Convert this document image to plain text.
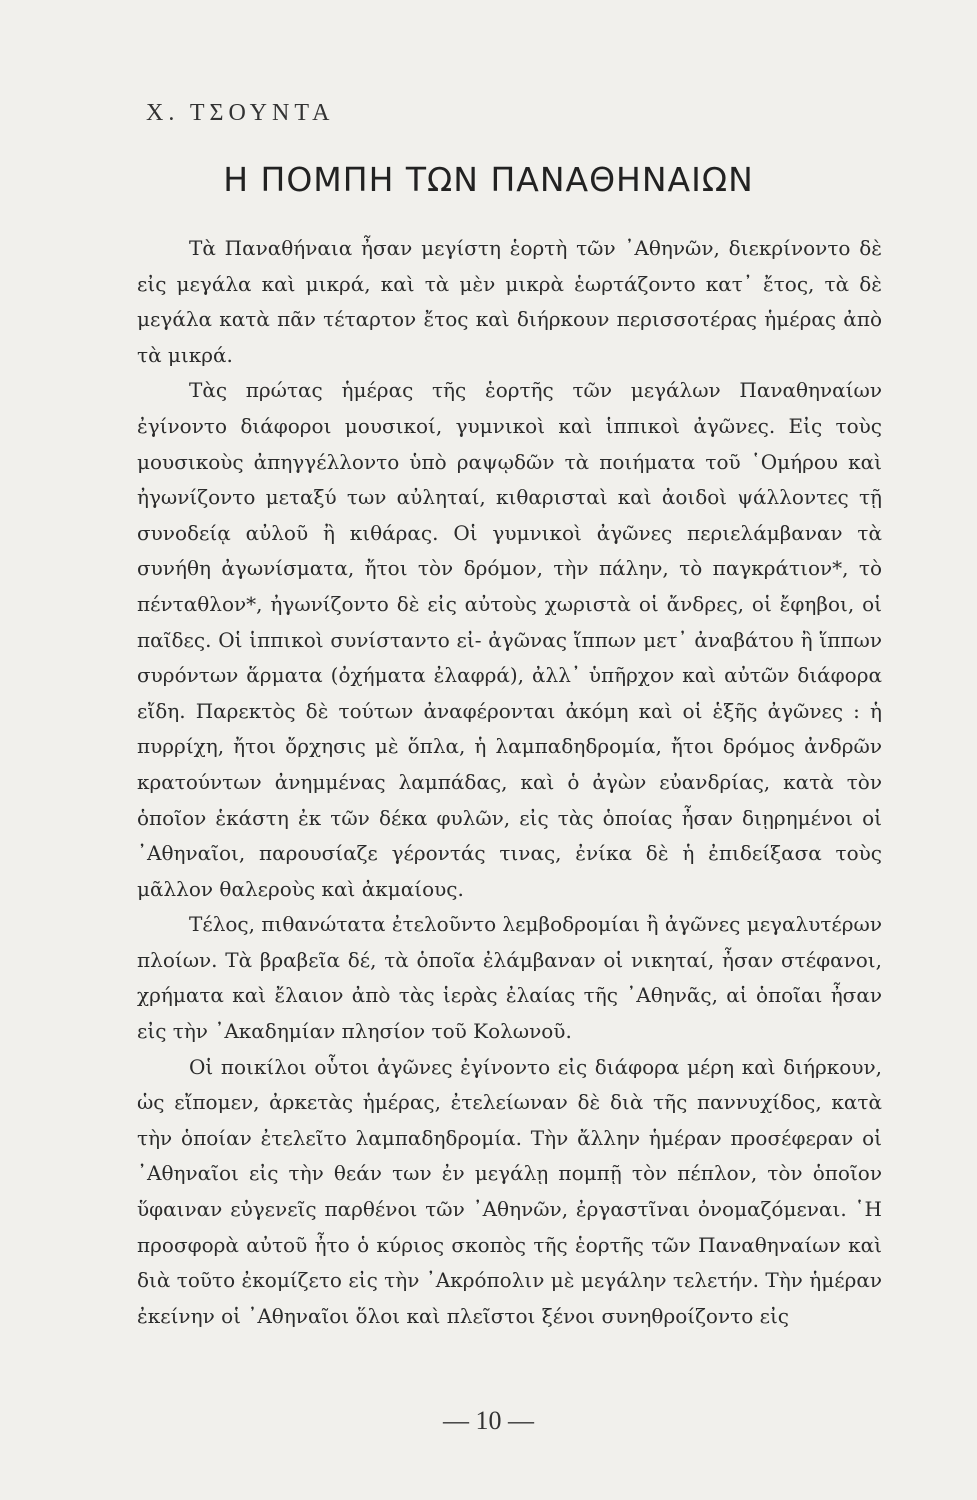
Χ. ΤΣΟΥΝΤΑ
Η ΠΟΜΠΗ ΤΩΝ ΠΑΝΑΘΗΝΑΙΩΝ

Τὰ Παναθήναια ἦσαν μεγίστη ἑορτὴ τῶν ᾿Αθηνῶν, διεκρίνοντο δὲ εἰς μεγάλα καὶ μικρά, καὶ τὰ μὲν μικρὰ ἑωρτάζοντο κατ᾿ ἔτος, τὰ δὲ μεγάλα κατὰ πᾶν τέταρτον ἔτος καὶ διήρκουν περισσοτέρας ἡμέρας ἀπὸ τὰ μικρά.

Τὰς πρώτας ἡμέρας τῆς ἑορτῆς τῶν μεγάλων Παναθηναίων ἐγίνοντο διάφοροι μουσικοί, γυμνικοὶ καὶ ἱππικοὶ ἀγῶνες. Εἰς τοὺς μουσικοὺς ἀπηγγέλλοντο ὑπὸ ραψῳδῶν τὰ ποιήματα τοῦ ῾Ομήρου καὶ ἠγωνίζοντο μεταξύ των αὐληταί, κιθαρισταὶ καὶ ἀοιδοὶ ψάλλοντες τῇ συνοδείᾳ αὐλοῦ ἢ κιθάρας. Οἱ γυμνικοὶ ἀγῶνες περιελάμβαναν τὰ συνήθη ἀγωνίσματα, ἤτοι τὸν δρόμον, τὴν πάλην, τὸ παγκράτιον*, τὸ πένταθλον*, ἠγωνίζοντο δὲ εἰς αὐτοὺς χωριστὰ οἱ ἄνδρες, οἱ ἔφηβοι, οἱ παῖδες. Οἱ ἱππικοὶ συνίσταντο εἰ- ἀγῶνας ἵππων μετ᾿ ἀναβάτου ἢ ἵππων συρόντων ἅρματα (ὀχήματα ἐλαφρά), ἀλλ᾿ ὑπῆρχον καὶ αὐτῶν διάφορα εἴδη. Παρεκτὸς δὲ τούτων ἀναφέρονται ἀκόμη καὶ οἱ ἑξῆς ἀγῶνες : ἡ πυρρίχη, ἤτοι ὄρχησις μὲ ὅπλα, ἡ λαμπαδηδρομία, ἤτοι δρόμος ἀνδρῶν κρατούντων ἀνημμένας λαμπάδας, καὶ ὁ ἀγὼν εὐανδρίας, κατὰ τὸν ὁποῖον ἑκάστη ἐκ τῶν δέκα φυλῶν, εἰς τὰς ὁποίας ἦσαν διῃρημένοι οἱ ᾿Αθηναῖοι, παρουσίαζε γέροντάς τινας, ἐνίκα δὲ ἡ ἐπιδείξασα τοὺς μᾶλλον θαλεροὺς καὶ ἀκμαίους.

Τέλος, πιθανώτατα ἐτελοῦντο λεμβοδρομίαι ἢ ἀγῶνες μεγαλυτέρων πλοίων. Τὰ βραβεῖα δέ, τὰ ὁποῖα ἐλάμβαναν οἱ νικηταί, ἦσαν στέφανοι, χρήματα καὶ ἔλαιον ἀπὸ τὰς ἱερὰς ἐλαίας τῆς ᾿Αθηνᾶς, αἱ ὁποῖαι ἦσαν εἰς τὴν ᾿Ακαδημίαν πλησίον τοῦ Κολωνοῦ.

Οἱ ποικίλοι οὗτοι ἀγῶνες ἐγίνοντο εἰς διάφορα μέρη καὶ διήρκουν, ὡς εἴπομεν, ἀρκετὰς ἡμέρας, ἐτελείωναν δὲ διὰ τῆς παννυχίδος, κατὰ τὴν ὁποίαν ἐτελεῖτο λαμπαδηδρομία. Τὴν ἄλλην ἡμέραν προσέφεραν οἱ ᾿Αθηναῖοι εἰς τὴν θεάν των ἐν μεγάλῃ πομπῇ τὸν πέπλον, τὸν ὁποῖον ὕφαιναν εὐγενεῖς παρθένοι τῶν ᾿Αθηνῶν, ἐργαστῖναι ὀνομαζόμεναι. ῾Η προσφορὰ αὐτοῦ ἦτο ὁ κύριος σκοπὸς τῆς ἑορτῆς τῶν Παναθηναίων καὶ διὰ τοῦτο ἐκομίζετο εἰς τὴν ᾿Ακρόπολιν μὲ μεγάλην τελετήν. Τὴν ἡμέραν ἐκείνην οἱ ᾿Αθηναῖοι ὅλοι καὶ πλεῖστοι ξένοι συνηθροίζοντο εἰς

— 10 —
